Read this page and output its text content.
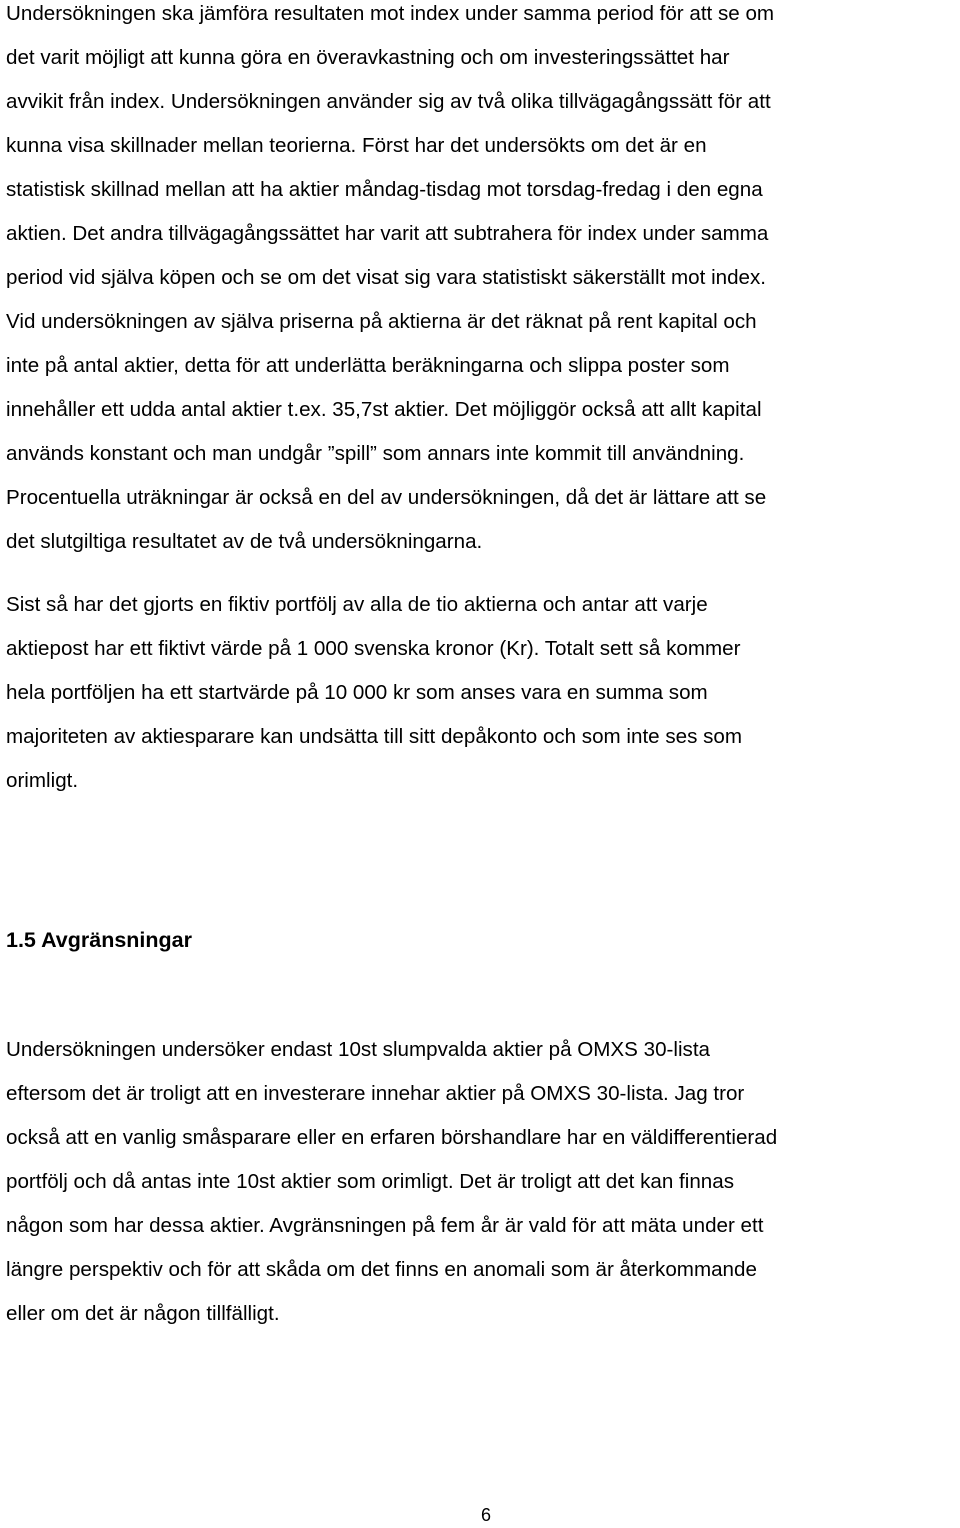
Undersökningen ska jämföra resultaten mot index under samma period för att se om
det varit möjligt att kunna göra en överavkastning och om investeringssättet har
avvikit från index. Undersökningen använder sig av två olika tillvägagångssätt för att
kunna visa skillnader mellan teorierna. Först har det undersökts om det är en
statistisk skillnad mellan att ha aktier måndag-tisdag mot torsdag-fredag i den egna
aktien. Det andra tillvägagångssättet har varit att subtrahera för index under samma
period vid själva köpen och se om det visat sig vara statistiskt säkerställt mot index.
Vid undersökningen av själva priserna på aktierna är det räknat på rent kapital och
inte på antal aktier, detta för att underlätta beräkningarna och slippa poster som
innehåller ett udda antal aktier t.ex. 35,7st aktier. Det möjliggör också att allt kapital
används konstant och man undgår ”spill” som annars inte kommit till användning.
Procentuella uträkningar är också en del av undersökningen, då det är lättare att se
det slutgiltiga resultatet av de två undersökningarna.

Sist så har det gjorts en fiktiv portfölj av alla de tio aktierna och antar att varje
aktiepost har ett fiktivt värde på 1 000 svenska kronor (Kr). Totalt sett så kommer
hela portföljen ha ett startvärde på 10 000 kr som anses vara en summa som
majoriteten av aktiesparare kan undsätta till sitt depåkonto och som inte ses som
orimligt.

1.5 Avgränsningar

Undersökningen undersöker endast 10st slumpvalda aktier på OMXS 30-lista
eftersom det är troligt att en investerare innehar aktier på OMXS 30-lista. Jag tror
också att en vanlig småsparare eller en erfaren börshandlare har en väldifferentierad
portfölj och då antas inte 10st aktier som orimligt. Det är troligt att det kan finnas
någon som har dessa aktier. Avgränsningen på fem år är vald för att mäta under ett
längre perspektiv och för att skåda om det finns en anomali som är återkommande
eller om det är någon tillfälligt.

6
